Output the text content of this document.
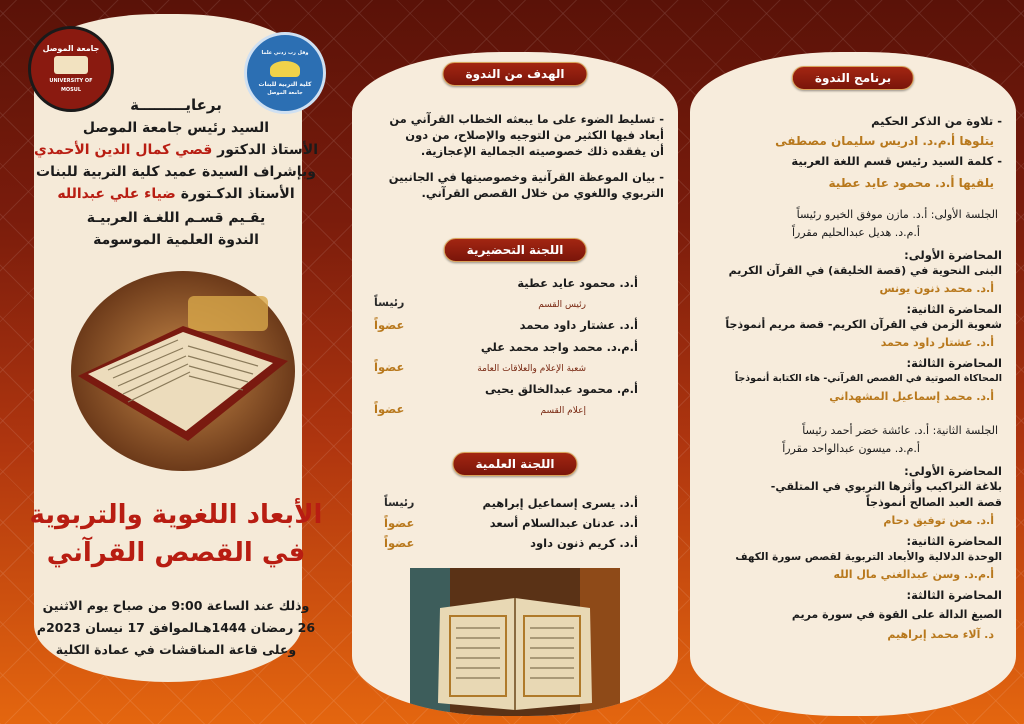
جامعة الموصل
UNIVERSITY OF MOSUL
وقل رب زدني علما
كلية التربية للبنات
جامعة الموصل
برعايـــــــــة
السيد رئيس جامعة الموصل
الأستاذ الدكتور قصي كمال الدين الأحمدي
وبإشراف السيدة عميد كلية التربية للبنات
الأستاذ الدكـتورة ضياء علي عبدالله
يقـيم قسـم اللغـة العربيـة
الندوة العلمية الموسومة
الأبعاد اللغوية والتربوية
في القصص القرآني
وذلك عند الساعة 9:00 من صباح يوم الاثنين
26 رمضان 1444هـالموافق 17 نيسان 2023م
وعلى قاعة المناقشات في عمادة الكلية
الهدف من الندوة
- تسليط الضوء على ما يبعثه الخطاب القرآني من
أبعاد فيها الكثير من التوجيه والإصلاح، من دون
أن يفقده ذلك خصوصيته الجمالية الإعجازية.
- بيان الموعظة القرآنية وخصوصيتها في الجانبين
التربوي واللغوي من خلال القصص القرآني.
اللجنة التحضيرية
أ.د. محمود عايد عطية
رئيس القسم
رئيساً
أ.د. عشتار داود محمد
عضواً
أ.م.د. محمد واجد محمد علي
شعبة الإعلام والعلاقات العامة
عضواً
أ.م. محمود عبدالخالق يحيى
إعلام القسم
عضواً
اللجنة العلمية
أ.د. يسرى إسماعيل إبراهيم
رئيساً
أ.د. عدنان عبدالسلام أسعد
عضواً
أ.د. كريم ذنون داود
عضواً
برنامج الندوة
- تلاوة من الذكر الحكيم
يتلوها أ.م.د. ادريس سليمان مصطفى
- كلمة السيد رئيس قسم اللغة العربية
يلقيها أ.د. محمود عايد عطية
الجلسة الأولى: أ.د. مازن موفق الخيرو رئيساً
أ.م.د. هديل عبدالحليم مقرراً
المحاضرة الأولى:
البنى النحوية في (قصة الخليقة) في القرآن الكريم
أ.د. محمد ذنون يونس
المحاضرة الثانية:
شعوية الزمن في القرآن الكريم- قصة مريم أنموذجاً
أ.د. عشتار داود محمد
المحاضرة الثالثة:
المحاكاة الصوتية في القصص القرآني- هاء الكتابة أنموذجاً
أ.د. محمد إسماعيل المشهداني
الجلسة الثانية: أ.د. عائشة خضر أحمد رئيساً
أ.م.د. ميسون عبدالواحد مقرراً
المحاضرة الأولى:
بلاغة التراكيب وأثرها التربوي في المتلقي-
قصة العبد الصالح أنموذجاً
أ.د. معن توفيق دحام
المحاضرة الثانية:
الوحدة الدلالية والأبعاد التربوية لقصص سورة الكهف
أ.م.د. وسن عبدالغني مال الله
المحاضرة الثالثة:
الصيغ الدالة على القوة في سورة مريم
د. آلاء محمد إبراهيم
